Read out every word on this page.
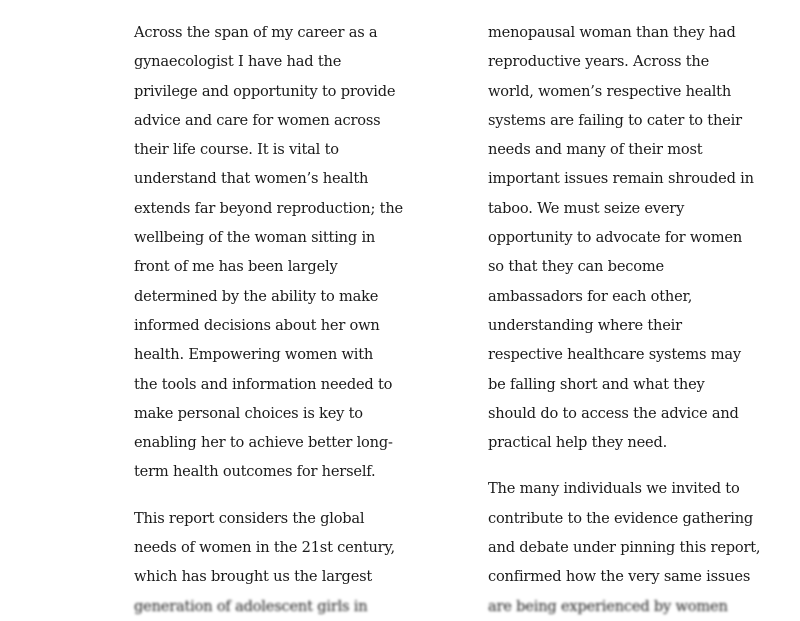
Across the span of my career as a
gynaecologist I have had the
privilege and opportunity to provide
advice and care for women across
their life course. It is vital to
understand that women’s health
extends far beyond reproduction; the
wellbeing of the woman sitting in
front of me has been largely
determined by the ability to make
informed decisions about her own
health. Empowering women with
the tools and information needed to
make personal choices is key to
enabling her to achieve better long-
term health outcomes for herself.
This report considers the global
needs of women in the 21st century,
which has brought us the largest
generation of adolescent girls in
menopausal woman than they had
reproductive years. Across the
world, women’s respective health
systems are failing to cater to their
needs and many of their most
important issues remain shrouded in
taboo. We must seize every
opportunity to advocate for women
so that they can become
ambassadors for each other,
understanding where their
respective healthcare systems may
be falling short and what they
should do to access the advice and
practical help they need.
The many individuals we invited to
contribute to the evidence gathering
and debate under pinning this report,
confirmed how the very same issues
are being experienced by women
